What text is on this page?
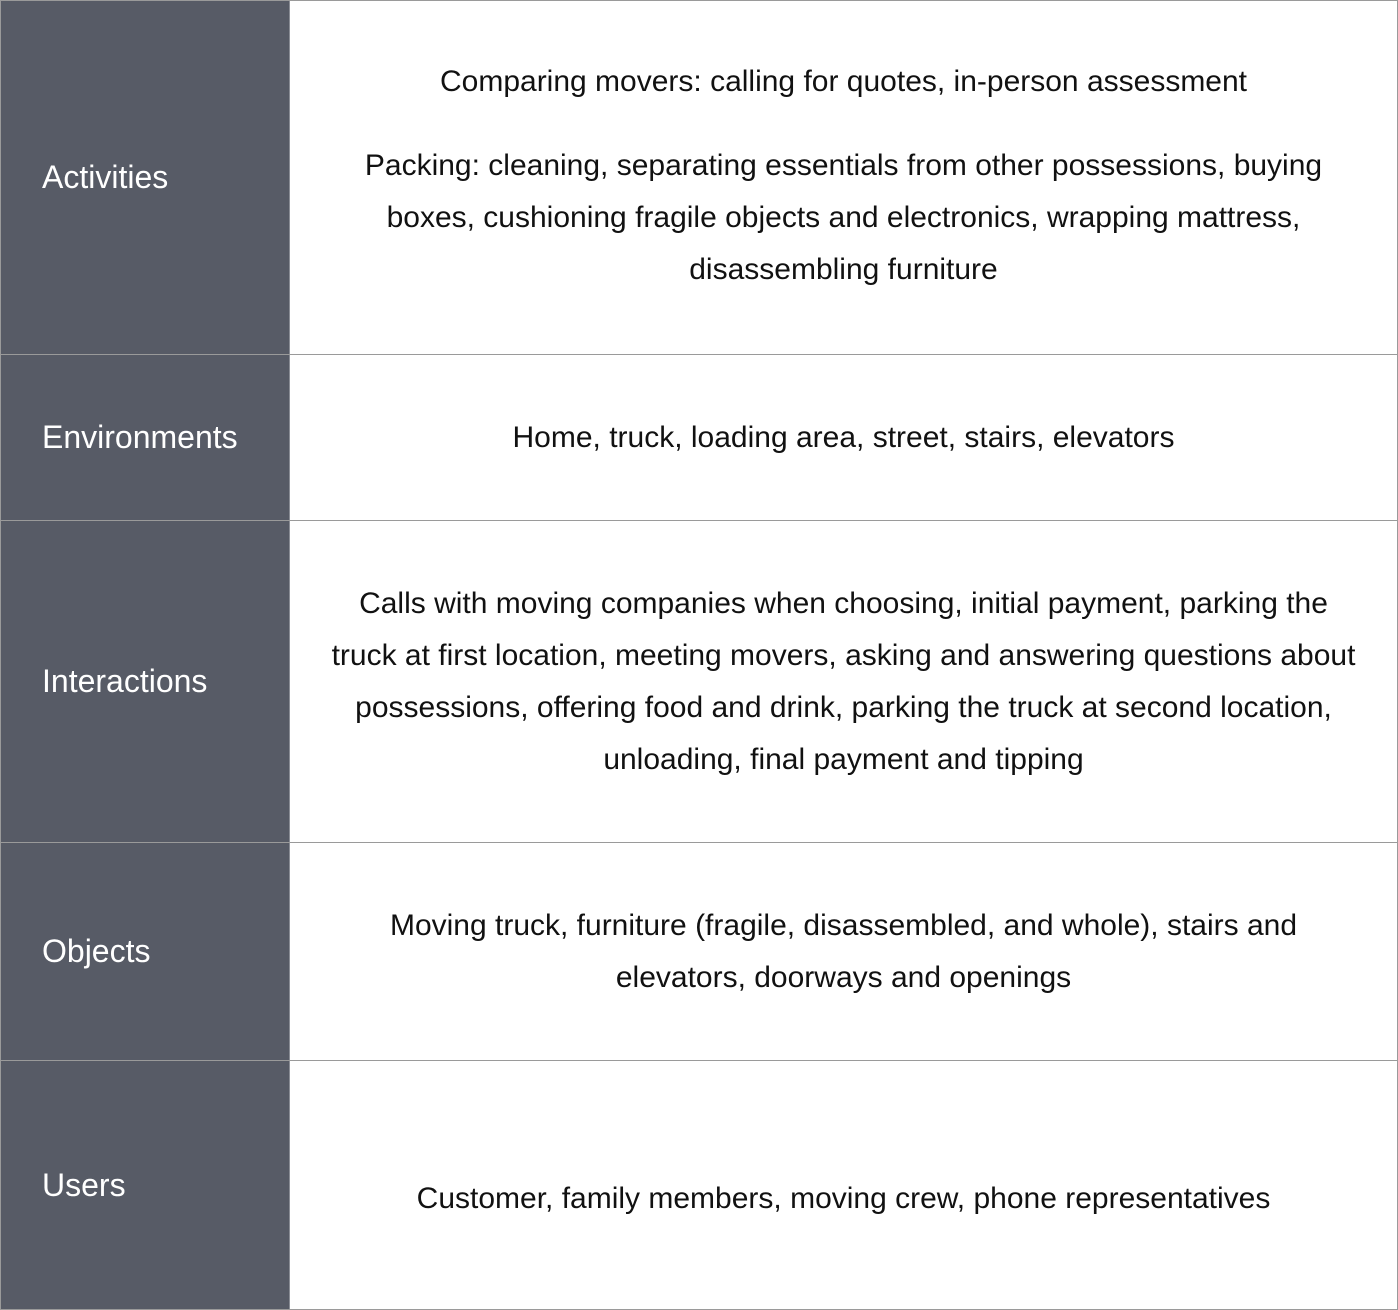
Activities

Comparing movers: calling for quotes, in-person assessment

Packing: cleaning, separating essentials from other possessions, buying boxes, cushioning fragile objects and electronics, wrapping mattress, disassembling furniture

Environments	Home, truck, loading area, street, stairs, elevators

Interactions

Calls with moving companies when choosing, initial payment, parking the truck at first location, meeting movers, asking and answering questions about possessions, offering food and drink, parking the truck at second location, unloading, final payment and tipping

Objects

Moving truck, furniture (fragile, disassembled, and whole), stairs and elevators, doorways and openings

Users	Customer, family members, moving crew, phone representatives
